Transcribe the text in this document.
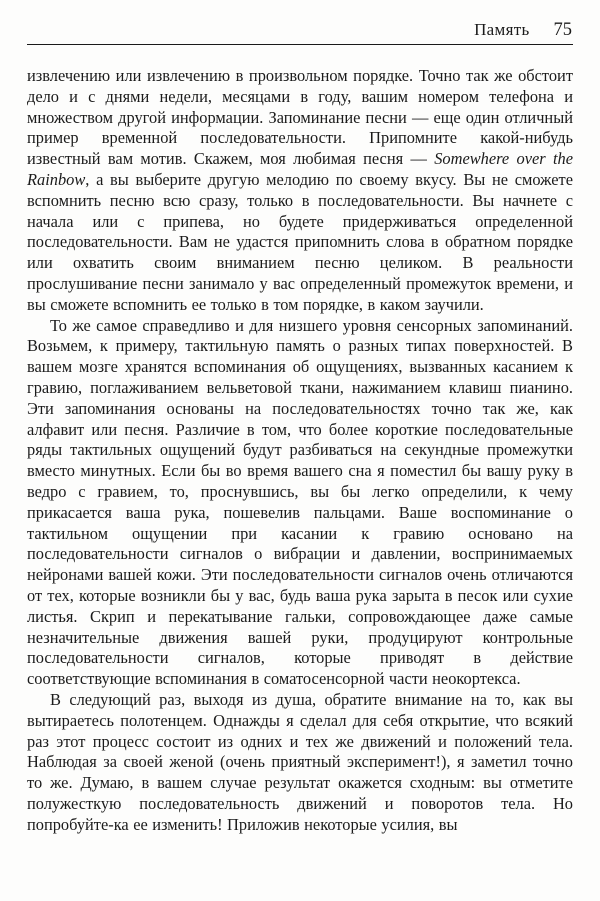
Память 75

извлечению или извлечению в произвольном порядке. Точно так же обстоит дело и с днями недели, месяцами в году, вашим номером телефона и множеством другой информации. Запоминание песни — еще один отличный пример временной последовательности. Припомните какой-нибудь известный вам мотив. Скажем, моя любимая песня — Somewhere over the Rainbow, а вы выберите другую мелодию по своему вкусу. Вы не сможете вспомнить песню всю сразу, только в последовательности. Вы начнете с начала или с припева, но будете придерживаться определенной последовательности. Вам не удастся припомнить слова в обратном порядке или охватить своим вниманием песню целиком. В реальности прослушивание песни занимало у вас определенный промежуток времени, и вы сможете вспомнить ее только в том порядке, в каком заучили.

То же самое справедливо и для низшего уровня сенсорных запоминаний. Возьмем, к примеру, тактильную память о разных типах поверхностей. В вашем мозге хранятся вспоминания об ощущениях, вызванных касанием к гравию, поглаживанием вельветовой ткани, нажиманием клавиш пианино. Эти запоминания основаны на последовательностях точно так же, как алфавит или песня. Различие в том, что более короткие последовательные ряды тактильных ощущений будут разбиваться на секундные промежутки вместо минутных. Если бы во время вашего сна я поместил бы вашу руку в ведро с гравием, то, проснувшись, вы бы легко определили, к чему прикасается ваша рука, пошевелив пальцами. Ваше воспоминание о тактильном ощущении при касании к гравию основано на последовательности сигналов о вибрации и давлении, воспринимаемых нейронами вашей кожи. Эти последовательности сигналов очень отличаются от тех, которые возникли бы у вас, будь ваша рука зарыта в песок или сухие листья. Скрип и перекатывание гальки, сопровождающее даже самые незначительные движения вашей руки, продуцируют контрольные последовательности сигналов, которые приводят в действие соответствующие вспоминания в соматосенсорной части неокортекса.

В следующий раз, выходя из душа, обратите внимание на то, как вы вытираетесь полотенцем. Однажды я сделал для себя открытие, что всякий раз этот процесс состоит из одних и тех же движений и положений тела. Наблюдая за своей женой (очень приятный эксперимент!), я заметил точно то же. Думаю, в вашем случае результат окажется сходным: вы отметите полужесткую последовательность движений и поворотов тела. Но попробуйте-ка ее изменить! Приложив некоторые усилия, вы
